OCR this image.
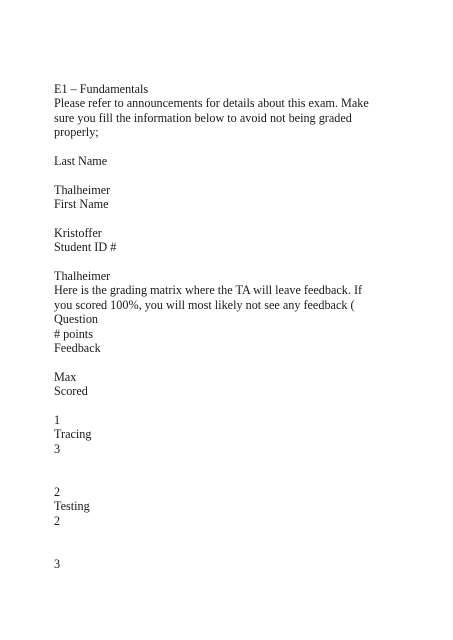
E1 – Fundamentals
Please refer to announcements for details about this exam. Make
sure you fill the information below to avoid not being graded
properly;
Last Name
Thalheimer
First Name
Kristoffer
Student ID #
Thalheimer
Here is the grading matrix where the TA will leave feedback. If
you scored 100%, you will most likely not see any feedback (
Question
# points
Feedback
Max
Scored
1
Tracing
3
2
Testing
2
3
